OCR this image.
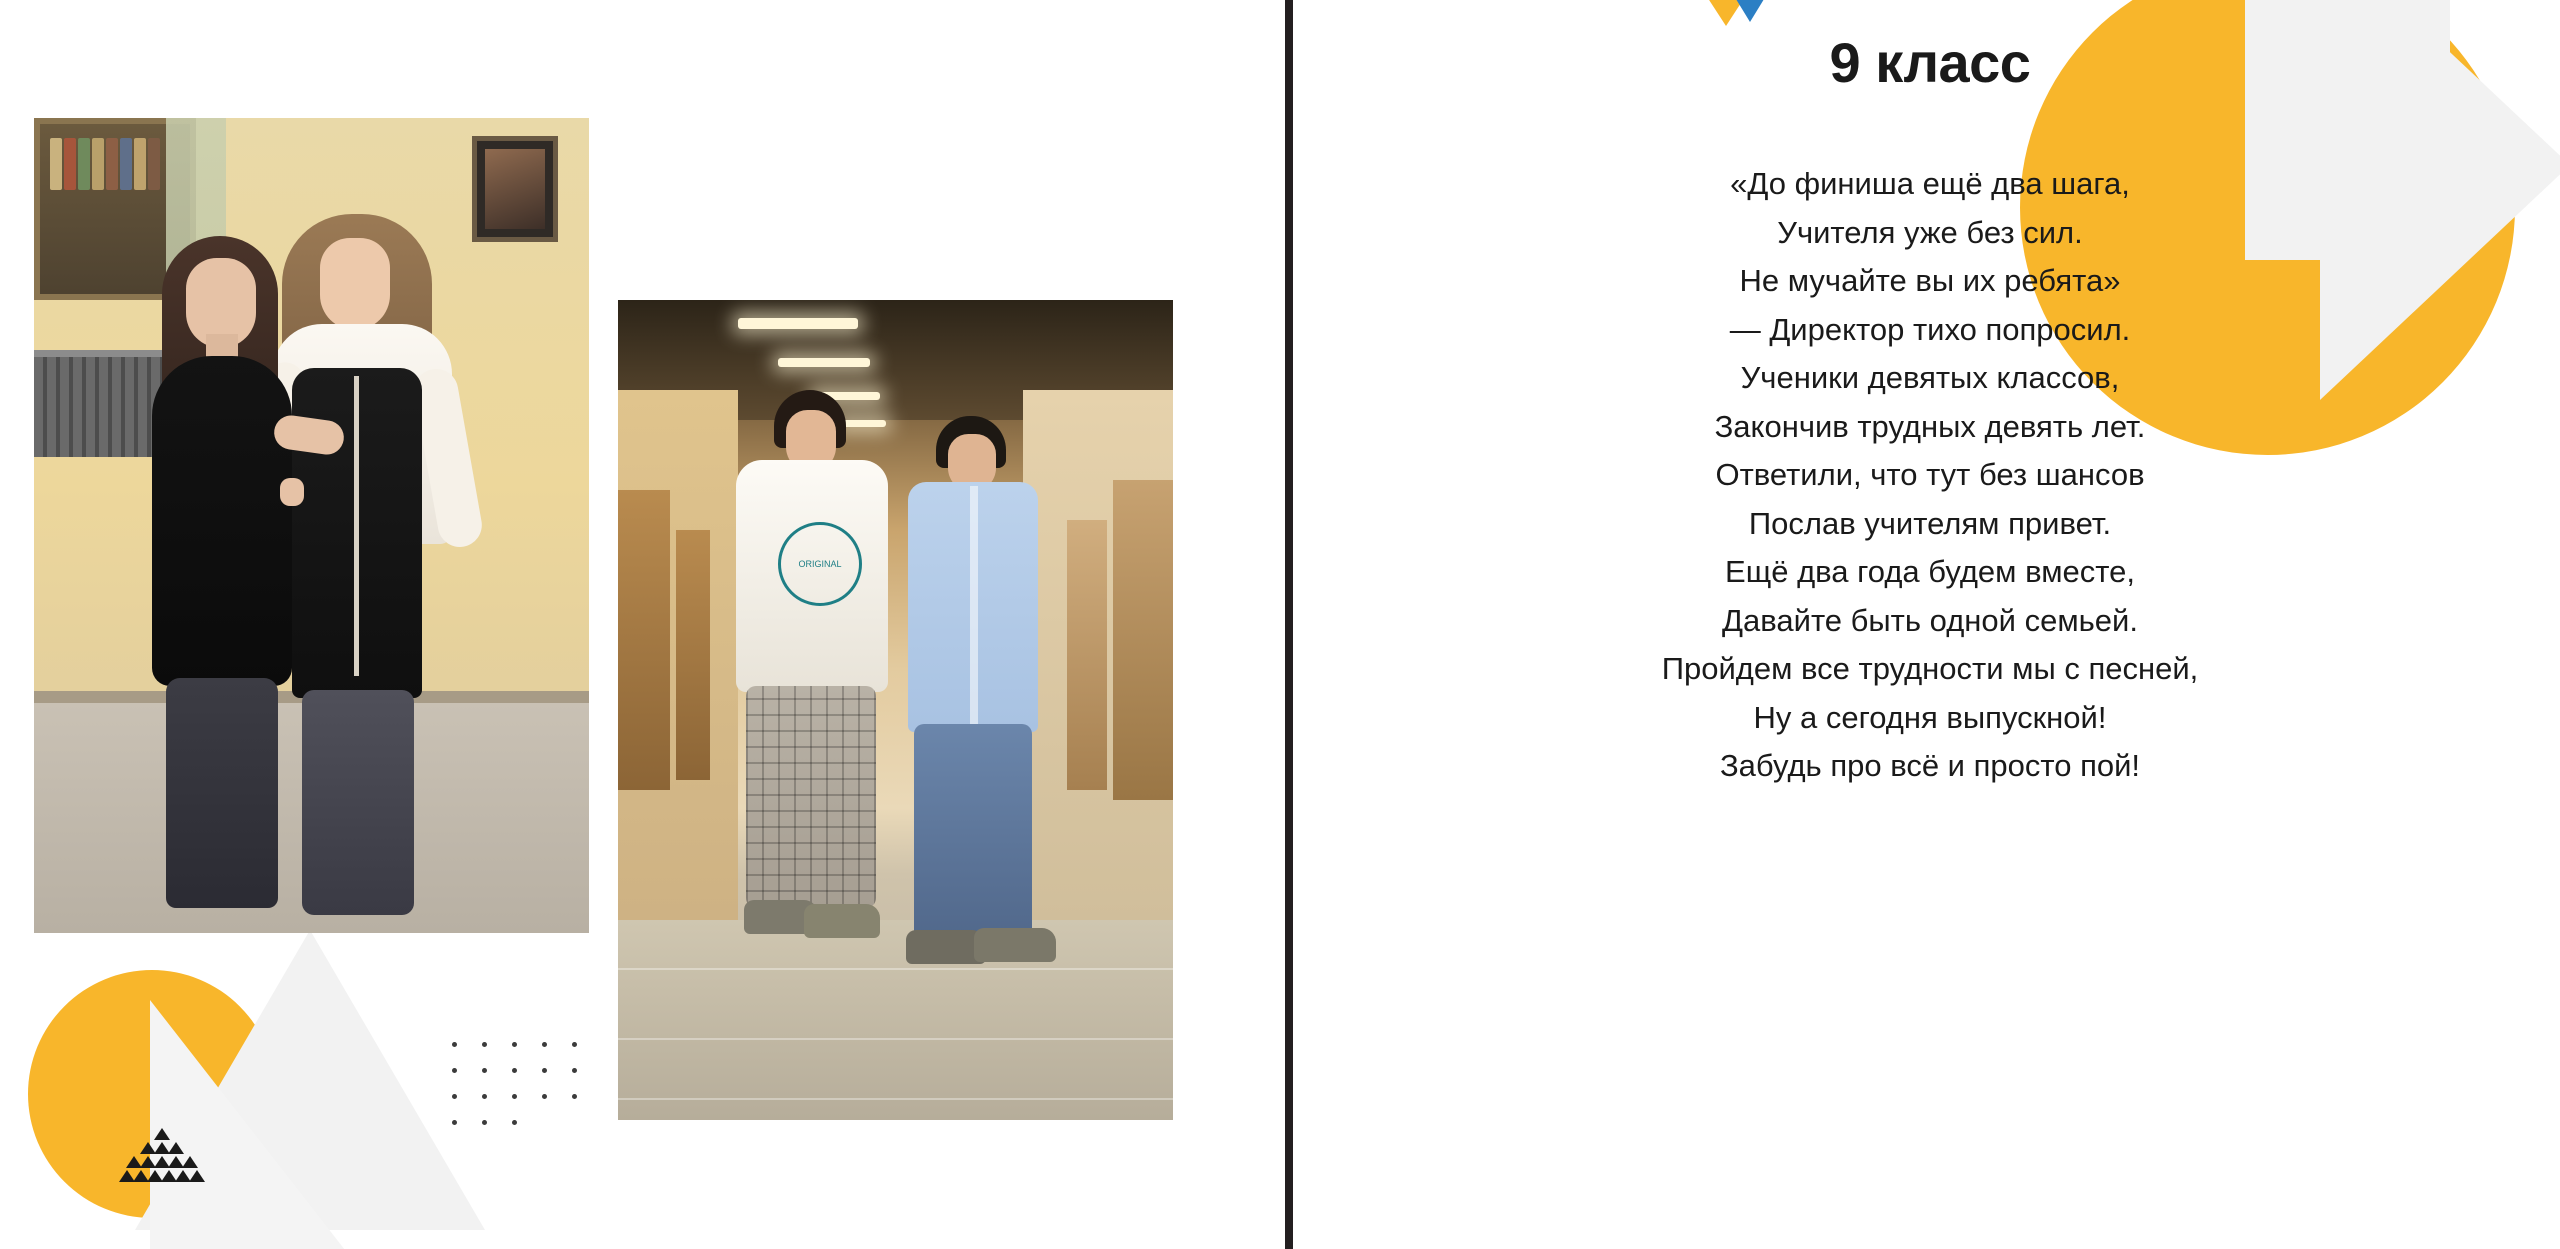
ORIGINAL
9 класс
«До финиша ещё два шага,
Учителя уже без сил.
Не мучайте вы их ребята»
— Директор тихо попросил.
Ученики девятых классов,
Закончив трудных девять лет.
Ответили, что тут без шансов
Послав учителям привет.
Ещё два года будем вместе,
Давайте быть одной семьей.
Пройдем все трудности мы с песней,
Ну а сегодня выпускной!
Забудь про всё и просто пой!
